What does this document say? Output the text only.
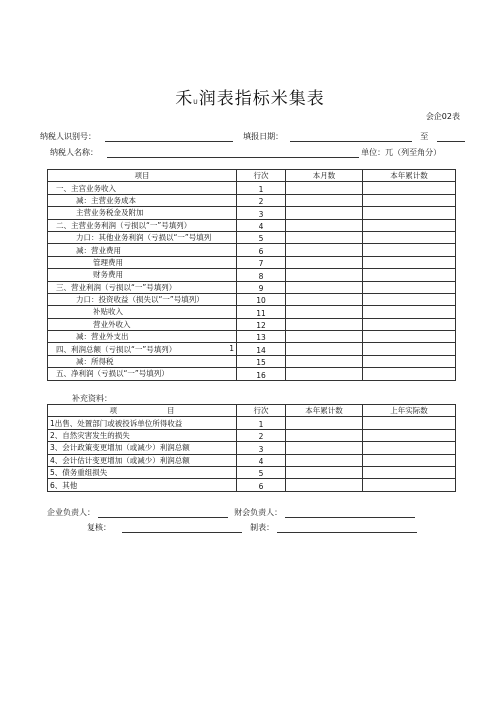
禾U润表指标米集表
会企02表
纳税人识别号：	填报日期：	至
纳税人名称：	单位：兀（列至角分）
项目	行次	本月数	本年累计数
一、主宫业务收入	1		
减：主营业务成本	2		
主营业务税金及附加	3		
二、主营业务利润（亏损以“一”号填列）	4		
力口：其他业务利润（亏损以“一”号填列	5		
减：营业费用	6		
管理费用	7		
财务费用	8		
三、营业利润（亏损以“一”号填列）	9		
力口：投资收益（损失以“一”号填列）	10		
补贴收入	11		
营业外收入	12		
减：营业外支出	13		
四、利润总额（亏损以“一”号填列） 1	14		
减：所得税	15		
五、净利润（亏损以“一”号填列）	16		
补充资料：
项 目	行次	本年累计数	上年实际数
1出售、处置部门或被投诉单位所得收益	1		
2、自然灾害发生的损失	2		
3、会计政策变更增加（或减少）利润总额	3		
4、会计估计变更增加（或减少）利润总额	4		
5、债务重组损失	5		
6、其他	6		
企业负责人：	财会负责人：
复核：	制表：
